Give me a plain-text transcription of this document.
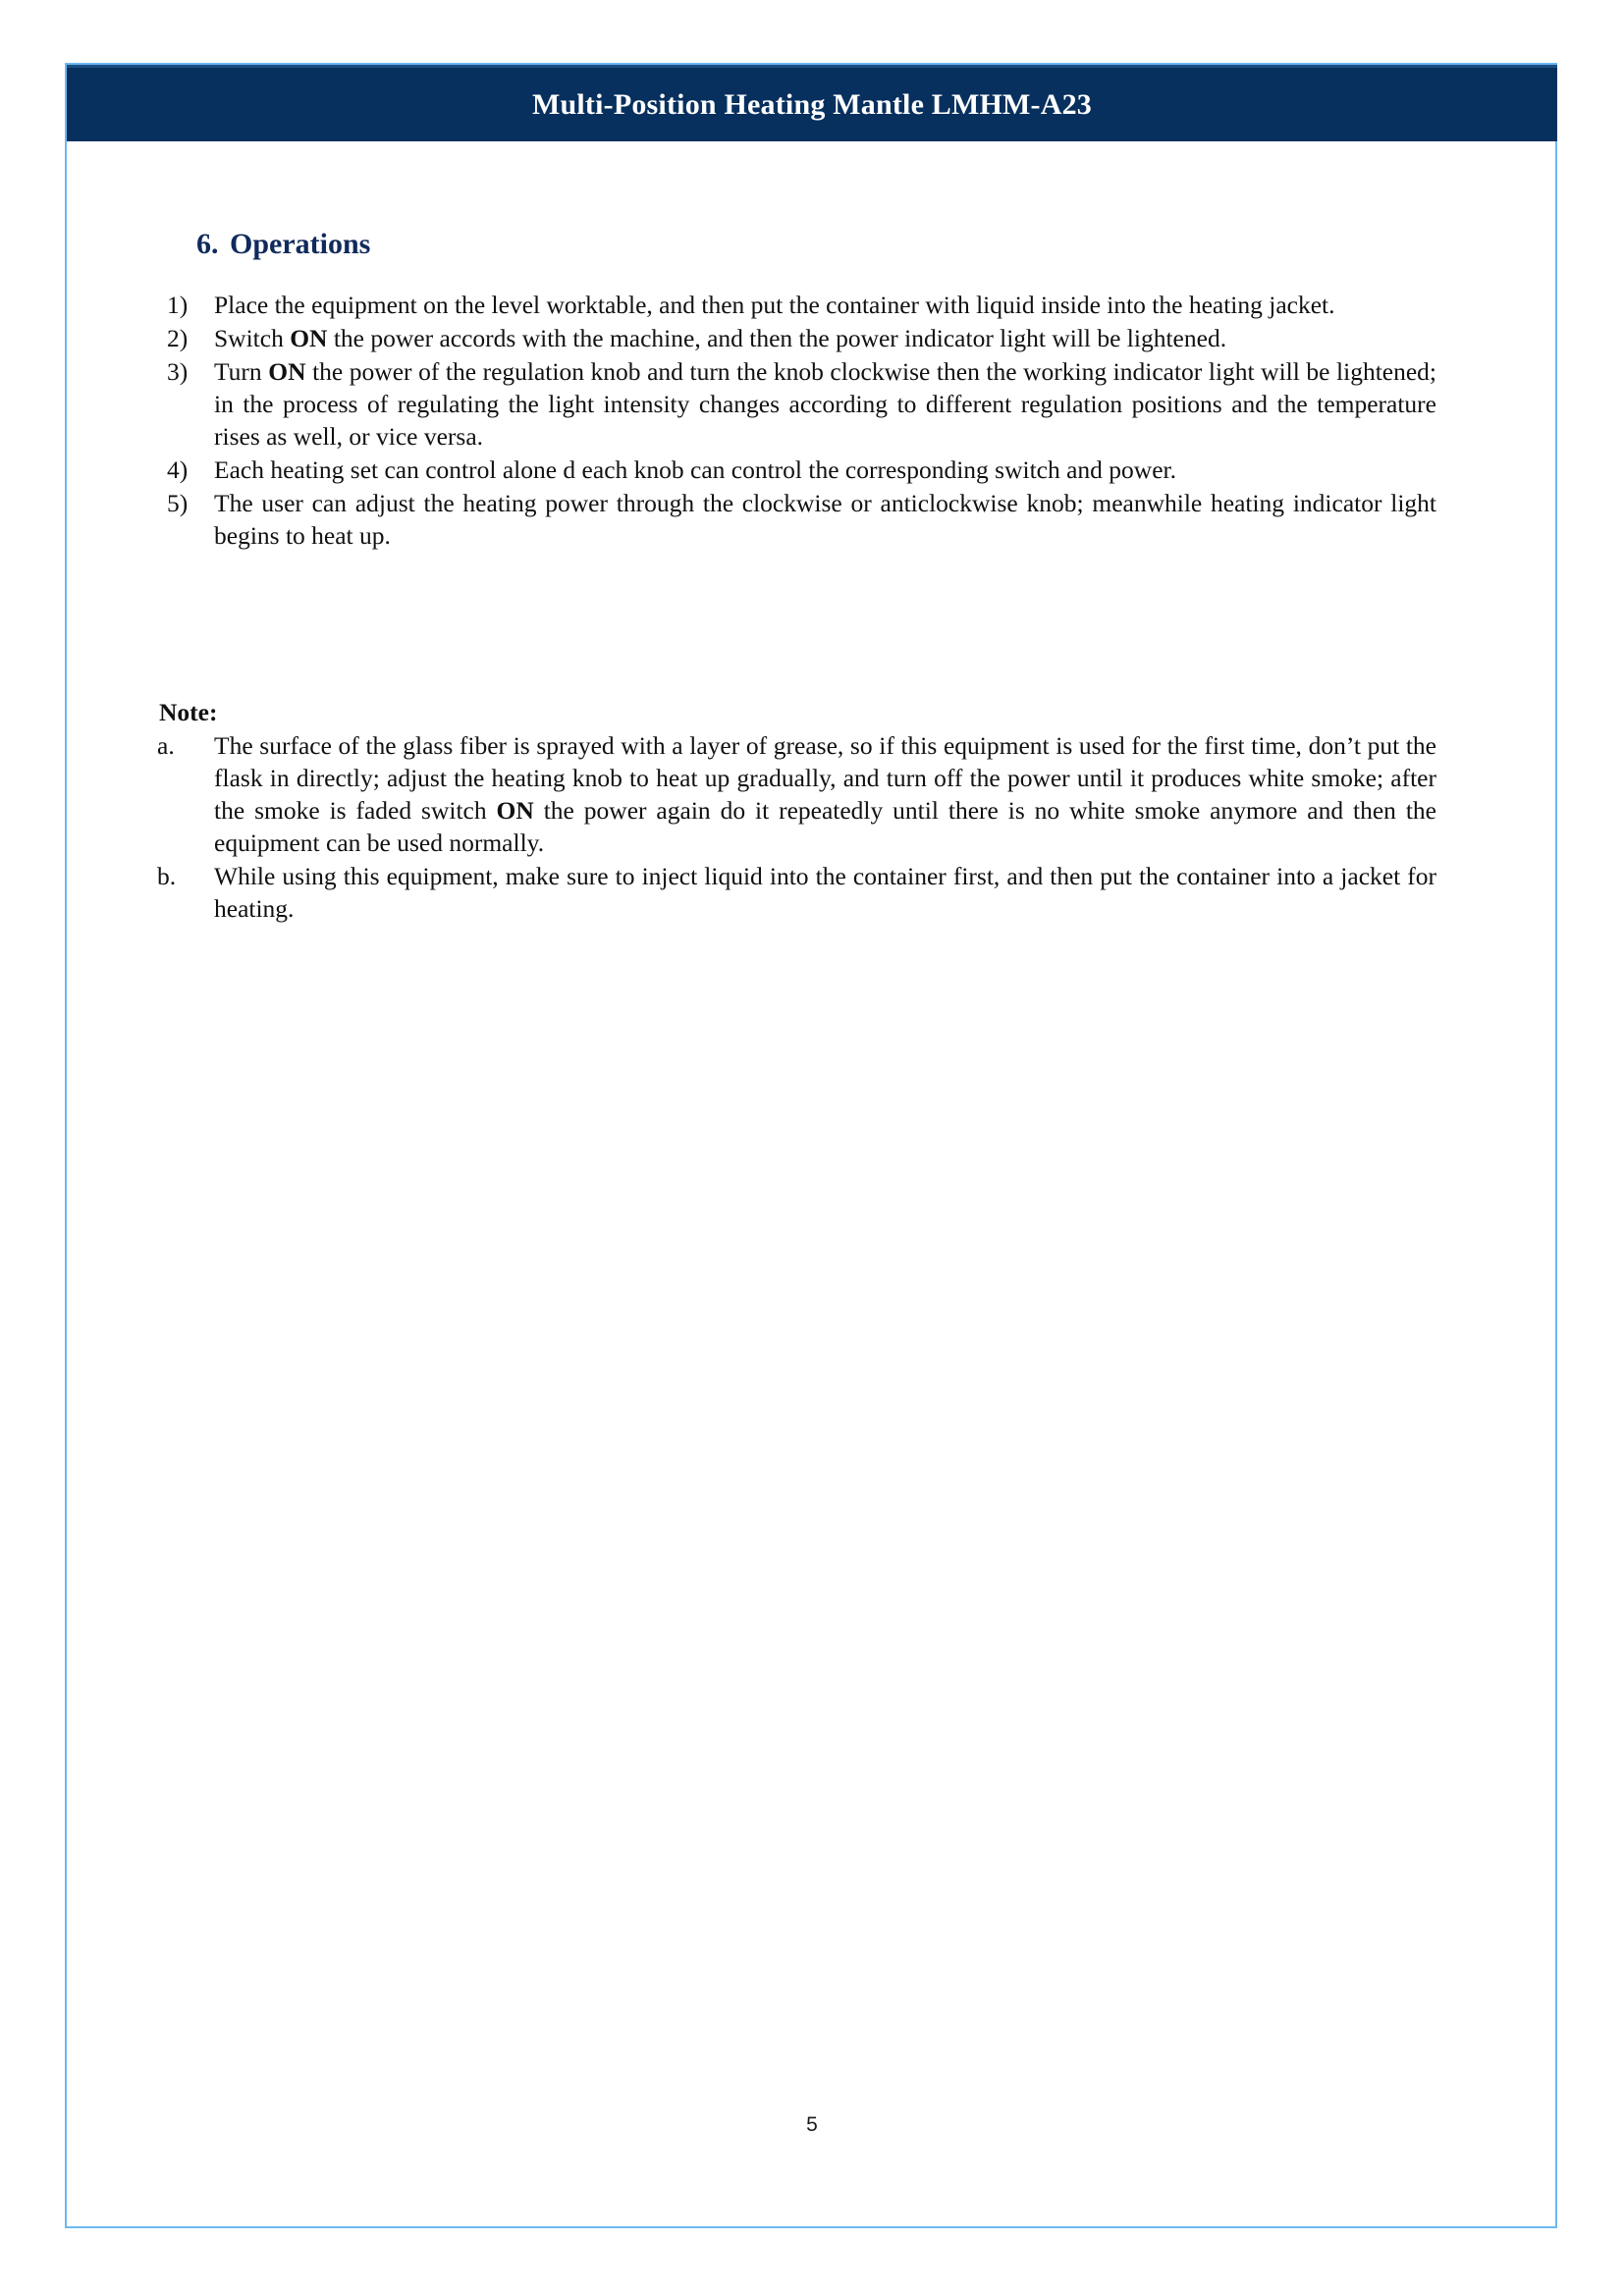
Multi-Position Heating Mantle LMHM-A23
6. Operations
1)	Place the equipment on the level worktable, and then put the container with liquid inside into the heating jacket.
2)	Switch ON the power accords with the machine, and then the power indicator light will be lightened.
3)	Turn ON the power of the regulation knob and turn the knob clockwise then the working indicator light will be lightened; in the process of regulating the light intensity changes according to different regulation positions and the temperature rises as well, or vice versa.
4)	Each heating set can control alone d each knob can control the corresponding switch and power.
5)	The user can adjust the heating power through the clockwise or anticlockwise knob; meanwhile heating indicator light begins to heat up.
Note:
a.	The surface of the glass fiber is sprayed with a layer of grease, so if this equipment is used for the first time, don’t put the flask in directly; adjust the heating knob to heat up gradually, and turn off the power until it produces white smoke; after the smoke is faded switch ON the power again do it repeatedly until there is no white smoke anymore and then the equipment can be used normally.
b.	While using this equipment, make sure to inject liquid into the container first, and then put the container into a jacket for heating.
5
